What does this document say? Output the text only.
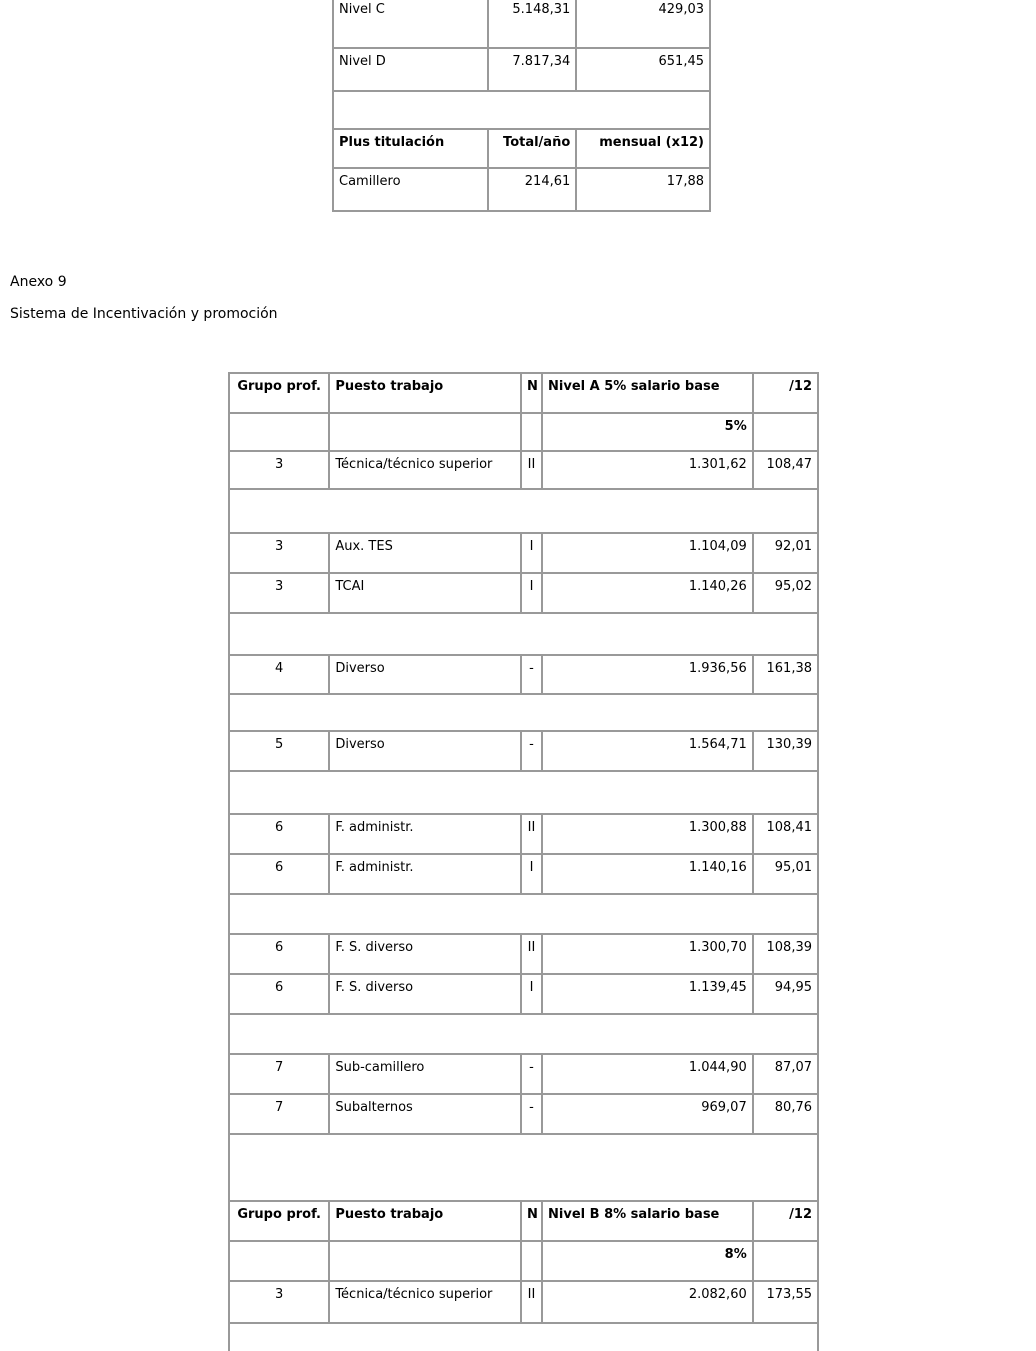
Nivel C	5.148,31	429,03
Nivel D	7.817,34	651,45

Plus titulación	Total/año	mensual (x12)
Camillero	214,61	17,88
Anexo 9
Sistema de Incentivación y promoción
Grupo prof.	Puesto trabajo	N	Nivel A 5% salario base	/12
			5%	
3	Técnica/técnico superior	II	1.301,62	108,47

3	Aux. TES	I	1.104,09	92,01
3	TCAI	I	1.140,26	95,02

4	Diverso	-	1.936,56	161,38

5	Diverso	-	1.564,71	130,39

6	F. administr.	II	1.300,88	108,41
6	F. administr.	I	1.140,16	95,01

6	F. S. diverso	II	1.300,70	108,39
6	F. S. diverso	I	1.139,45	94,95

7	Sub-camillero	-	1.044,90	87,07
7	Subalternos	-	969,07	80,76

Grupo prof.	Puesto trabajo	N	Nivel B 8% salario base	/12
			8%	
3	Técnica/técnico superior	II	2.082,60	173,55
